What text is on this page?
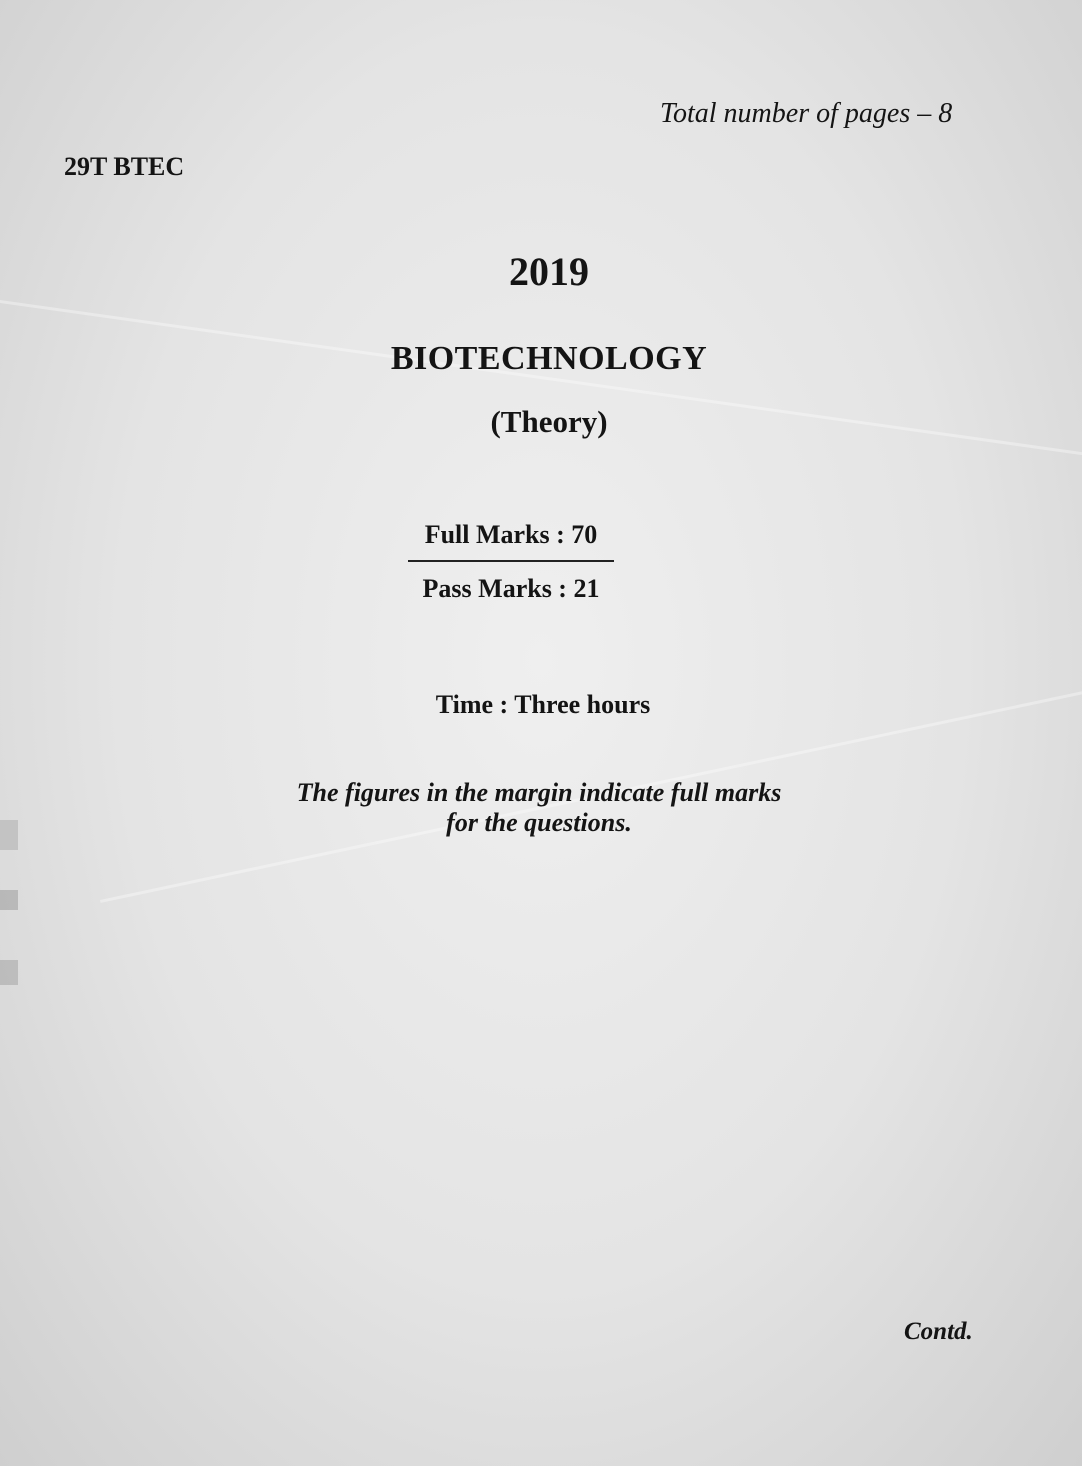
Total number of pages – 8
29T BTEC
2019
BIOTECHNOLOGY
(Theory)
Full Marks : 70
Pass Marks : 21
Time : Three hours
The figures in the margin indicate full marks
for the questions.
Contd.
